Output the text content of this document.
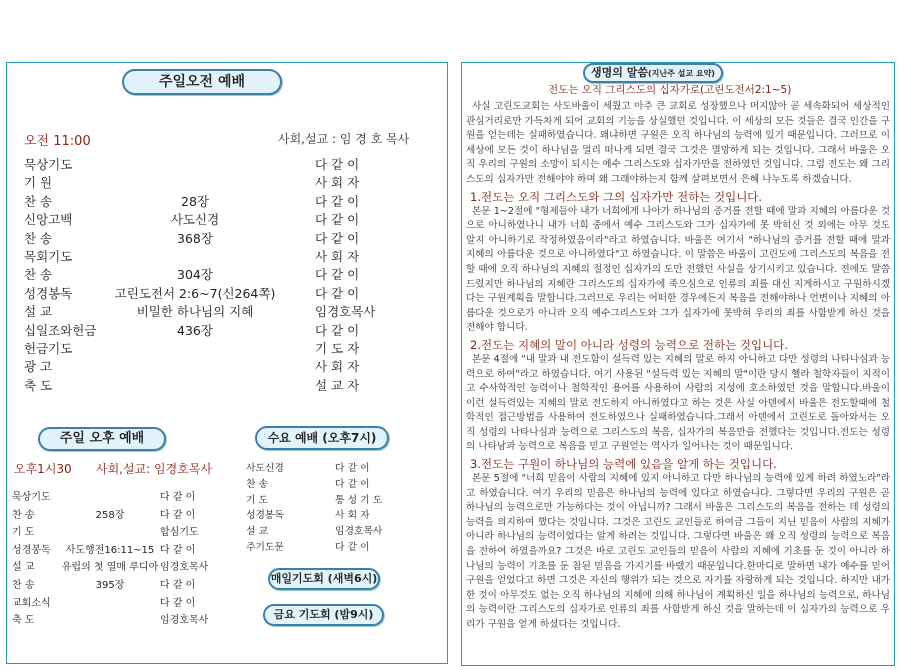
주일오전 예배
오전 11:00	사회,설교 : 임 경 호 목사
묵상기도	다 같 이
기 원	사 회 자
찬 송	28장	다 같 이
신앙고백	사도신경	다 같 이
찬 송	368장	다 같 이
목회기도	사 회 자
찬 송	304장	다 같 이
성경봉독	고린도전서 2:6~7(신264쪽)	다 같 이
설 교	비밀한 하나님의 지혜	임경호목사
십일조와헌금	436장	다 같 이
헌금기도	기 도 자
광 고	사 회 자
축 도	설 교 자
주일 오후 예배
오후1시30 사회,설교: 임경호목사
묵상기도	다 같 이
찬 송	258장	다 같 이
기 도	합심기도
성경봉독	사도행전16:11~15 다 같 이
설 교	유럽의 첫 열매 루디아 임경호목사
찬 송	395장	다 같 이
교회소식	다 같 이
축 도	임경호목사
수요 예배 (오후7시)
사도신경	다 같 이
찬 송	다 같 이
기 도	통 성 기 도
성경봉독	사 회 자
설 교	임경호목사
주기도문	다 같 이
매일기도회 (새벽6시)
금요 기도회 (밤9시)
생명의 말씀(지난주 설교 요약)
전도는 오직 그리스도의 십자가로(고린도전서2:1~5)
사실 고린도교회는 사도바울이 세웠고 아주 큰 교회로 성장했으나 머지않아 곧 세속화되어 세상적인 관심거리로만 가득차게 되어 교회의 기능을 상실했던 것입니다. 이 세상의 모든 것들은 결국 인간을 구원을 얻는데는 실패하였습니다. 왜냐하면 구원은 오직 하나님의 능력에 있기 때문입니다. 그러므로 이 세상에 모든 것이 하나님을 멀리 떠나게 되면 결국 그것은 멸망하게 되는 것입니다. 그래서 바울은 오직 우리의 구원의 소망이 되시는 예수 그리스도와 십자가만을 전하였던 것입니다. 그럼 전도는 왜 그리스도의 십자가만 전해야야 하며 왜 그래야하는지 함께 살펴보면서 은혜 나누도록 하겠습니다.
1.전도는 오직 그리스도와 그의 십자가만 전하는 것입니다.
본문 1~2절에 "형제들아 내가 너희에게 나아가 하나님의 증거를 전할 때에 말과 지혜의 아름다운 것으로 아니하였나니 내가 너희 중에서 예수 그리스도와 그가 십자가에 못 박히신 것 외에는 아무 것도 알지 아니하기로 작정하였음이라"라고 하였습니다. 바울은 여기서 "하나님의 증거를 전할 때에 말과 지혜의 아름다운 것으로 아니하였다"고 하였습니다. 이 말씀은 바울이 고린도에 그리스도의 복음을 전할 때에 오직 하나님의 지혜의 절정인 십자가의 도만 전했던 사실을 상기시키고 있습니다. 전에도 말씀드렸지만 하나님의 지혜란 그리스도의 십자가에 죽으심으로 인류의 죄를 대신 지게하시고 구원하시겠다는 구원계획을 말합니다.그러므로 우리는 어떠한 경우에든지 복음을 전해야하나 언변이나 지혜의 아름다운 것으로가 아니라 오직 예수그리스도와 그가 십자가에 못박혀 우리의 죄를 사함받게 하신 것을 전해야 합니다.
2.전도는 지혜의 말이 아니라 성령의 능력으로 전하는 것입니다.
본문 4절에 "내 말과 내 전도함이 설득력 있는 지혜의 말로 하지 아니하고 다만 성령의 나타나심과 능력으로 하여"라고 하였습니다. 여기 사용된 "설득력 있는 지혜의 말"이란 당시 헬라 철학자들이 지적이고 수사학적인 능력이나 철학적인 용어를 사용하여 사람의 지성에 호소하였던 것을 말합니다.바울이 이런 설득력있는 지혜의 말로 전도하지 아니하였다고 하는 것은 사실 아덴에서 바울은 전도할때에 철학적인 접근방법을 사용하여 전도하였으나 실패하였습니다.그래서 아덴에서 고린도로 돌아와서는 오직 성령의 나타나심과 능력으로 그리스도의 복음, 십자가의 복음만을 전했다는 것입니다.전도는 성령의 나타남과 능력으로 복음을 믿고 구원얻는 역사가 일어나는 것이 때문입니다.
3.전도는 구원이 하나님의 능력에 있음을 알게 하는 것입니다.
본문 5절에 "너희 믿음이 사람의 지혜에 있지 아니하고 다만 하나님의 능력에 있게 하려 하였노라"라고 하였습니다. 여기 우리의 믿음은 하나님의 능력에 있다고 하였습니다. 그렇다면 우리의 구원은 곧 하나님의 능력으로만 가능하다는 것이 아닙니까? 그래서 바울은 그리스도의 복음을 전하는 데 성령의 능력을 의지하여 했다는 것입니다. 그것은 고린도 교인들로 하여금 그들이 지닌 믿음이 사람의 지혜가 아니라 하나님의 능력이었다는 알게 하려는 것입니다. 그렇다면 바울은 왜 오직 성령의 능력으로 복음을 전하여 하였을까요? 그것은 바로 고린도 교인들의 믿음이 사람의 지혜에 기초를 둔 것이 아니라 하나님의 능력이 기초를 둔 참된 믿음을 가지기를 바랬기 때문입니다.한마디로 말하면 내가 예수를 믿어 구원을 얻었다고 하면 그것은 자신의 행위가 되는 것으로 자기를 자랑하게 되는 것입니다. 하지만 내가 한 것이 아무것도 없는 오직 하나님의 지혜에 의해 하나님이 계획하신 일을 하나님의 능력으로, 하나님의 능력이란 그리스도의 십자가로 인류의 죄를 사함받게 하신 것을 말하는데 이 십자가의 능력으로 우리가 구원을 얻게 하셨다는 것입니다.
